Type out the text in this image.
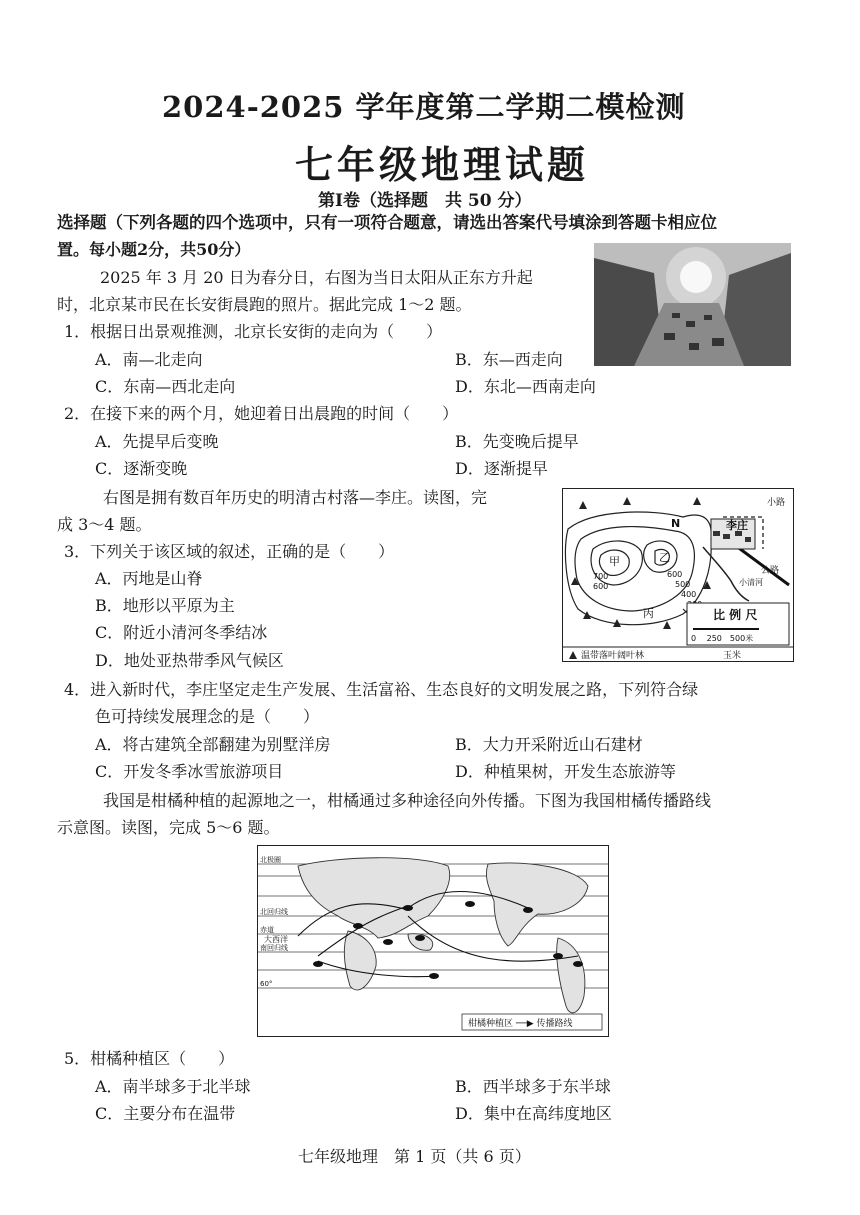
2024-2025 学年度第二学期二模检测
七年级地理试题
第I卷（选择题　共 50 分）
选择题（下列各题的四个选项中，只有一项符合题意，请选出答案代号填涂到答题卡相应位
置。每小题2分，共50分）
2025 年 3 月 20 日为春分日，右图为当日太阳从正东方升起
时，北京某市民在长安街晨跑的照片。据此完成 1～2 题。
1．根据日出景观推测，北京长安街的走向为（　　）
A．南—北走向	B．东—西走向
C．东南—西北走向	D．东北—西南走向
2．在接下来的两个月，她迎着日出晨跑的时间（　　）
A．先提早后变晚	B．先变晚后提早
C．逐渐变晚	D．逐渐提早
右图是拥有数百年历史的明清古村落—李庄。读图，完
成 3～4 题。	N	李庄
甲	乙
丙
700
600
600
500
400
小清河
小路
公路
比 例 尺
0　 250　500米
温带落叶阔叶林	玉米
3．下列关于该区域的叙述，正确的是（　　）
A．丙地是山脊
B．地形以平原为主
C．附近小清河冬季结冰
D．地处亚热带季风气候区
4．进入新时代，李庄坚定走生产发展、生活富裕、生态良好的文明发展之路，下列符合绿
色可持续发展理念的是（　　）
A．将古建筑全部翻建为别墅洋房	B．大力开采附近山石建材
C．开发冬季冰雪旅游项目	D．种植果树，开发生态旅游等
我国是柑橘种植的起源地之一，柑橘通过多种途径向外传播。下图为我国柑橘传播路线
示意图。读图，完成 5～6 题。
北极圈
北回归线
赤道
南回归线
60°
大西洋
柑橘种植区 ──▶ 传播路线
5．柑橘种植区（　　）
A．南半球多于北半球	B．西半球多于东半球
C．主要分布在温带	D．集中在高纬度地区
七年级地理　第 1 页（共 6 页）
